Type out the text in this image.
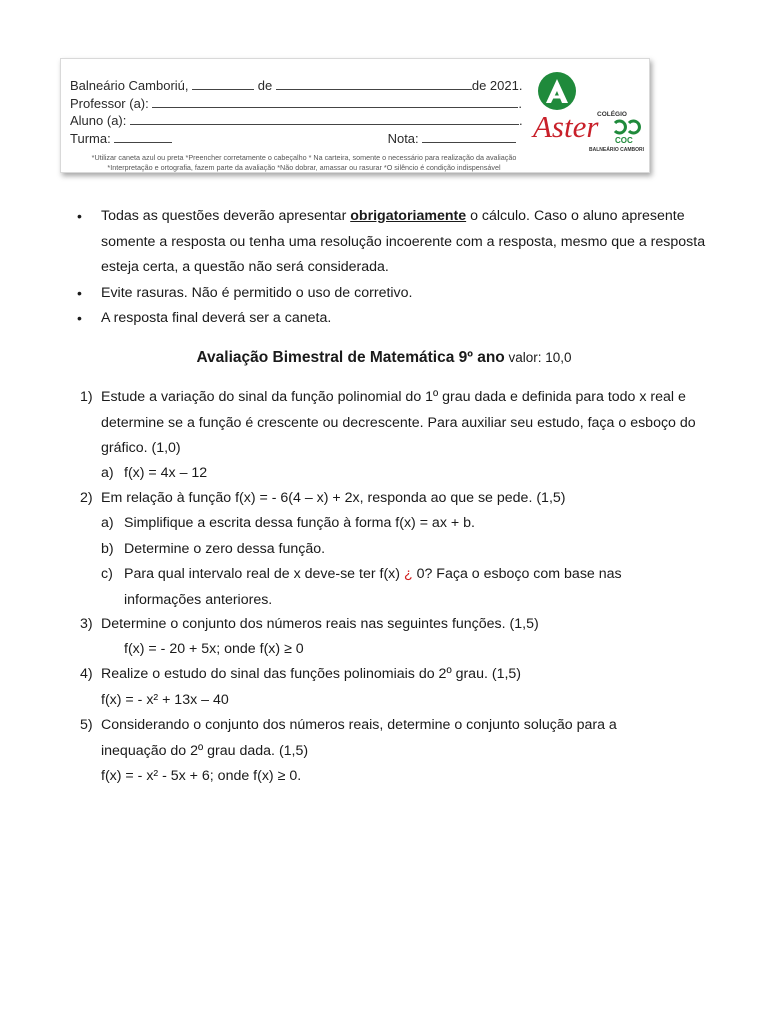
Balneário Camboriú,	de	de 2021.
Professor (a):	.
Aluno (a):	.
Turma:	Nota:
*Utilizar caneta azul ou preta *Preencher corretamente o cabeçalho * Na carteira, somente o necessário para realização da avaliação *Interpretação e ortografia, fazem parte da avaliação *Não dobrar, amassar ou rasurar *O silêncio é condição indispensável
COLÉGIO
Aster COC
BALNEÁRIO CAMBORIÚ
• Todas as questões deverão apresentar obrigatoriamente o cálculo. Caso o aluno apresente somente a resposta ou tenha uma resolução incoerente com a resposta, mesmo que a resposta esteja certa, a questão não será considerada.
• Evite rasuras. Não é permitido o uso de corretivo.
• A resposta final deverá ser a caneta.
Avaliação Bimestral de Matemática 9º ano valor: 10,0
1) Estude a variação do sinal da função polinomial do 1º grau dada e definida para todo x real e determine se a função é crescente ou decrescente. Para auxiliar seu estudo, faça o esboço do gráfico. (1,0)
a) f(x) = 4x – 12
2) Em relação à função f(x) = - 6(4 – x) + 2x, responda ao que se pede. (1,5)
a) Simplifique a escrita dessa função à forma f(x) = ax + b.
b) Determine o zero dessa função.
c) Para qual intervalo real de x deve-se ter f(x) ¿ 0? Faça o esboço com base nas informações anteriores.
3) Determine o conjunto dos números reais nas seguintes funções. (1,5)
f(x) = - 20 + 5x; onde f(x) ≥ 0
4) Realize o estudo do sinal das funções polinomiais do 2º grau. (1,5)
f(x) = - x² + 13x – 40
5) Considerando o conjunto dos números reais, determine o conjunto solução para a inequação do 2º grau dada. (1,5)
f(x) = - x² - 5x + 6; onde f(x) ≥ 0.
